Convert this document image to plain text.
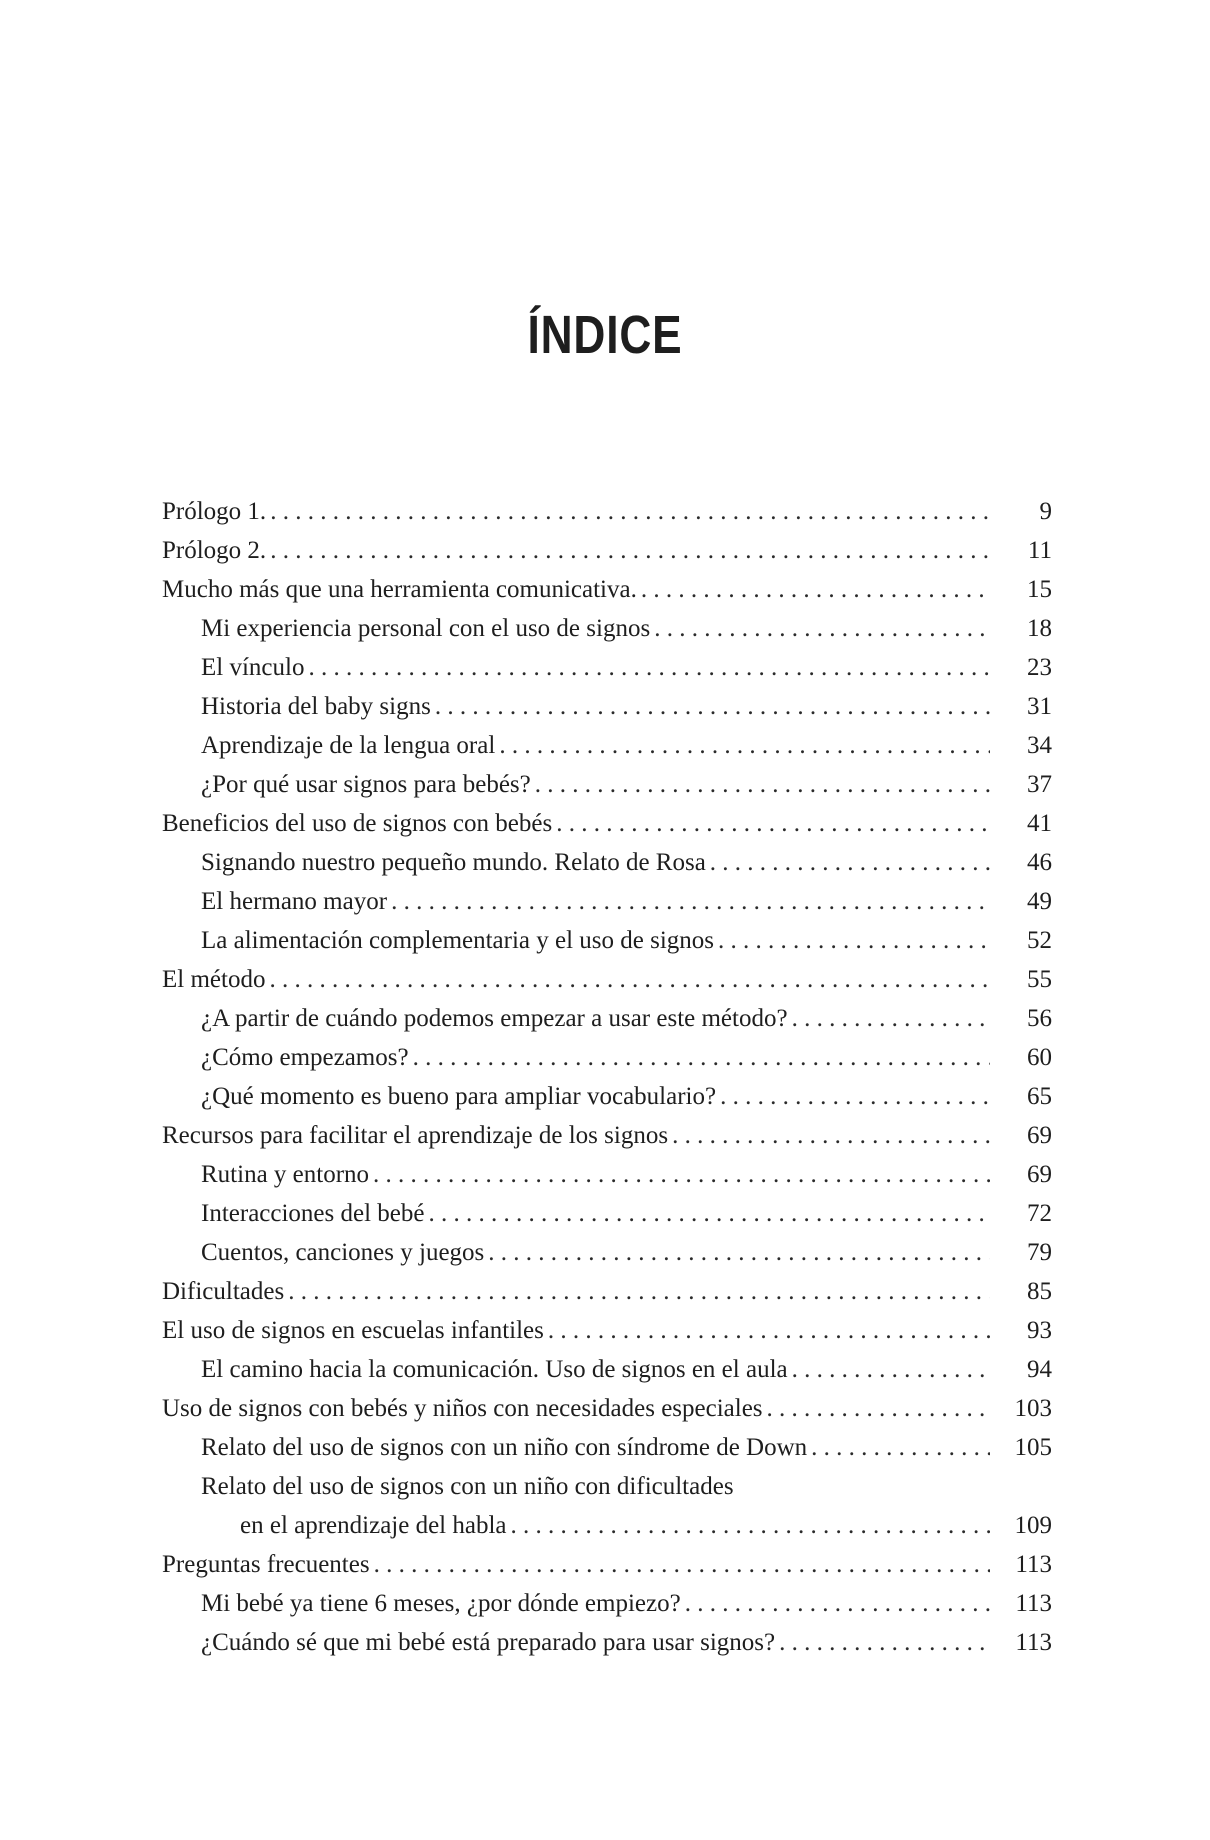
ÍNDICE
Prólogo 1. . . .	9
Prólogo 2. . . .	11
Mucho más que una herramienta comunicativa. . . .	15
Mi experiencia personal con el uso de signos . . .	18
El vínculo . . .	23
Historia del baby signs . . .	31
Aprendizaje de la lengua oral . . .	34
¿Por qué usar signos para bebés? . . .	37
Beneficios del uso de signos con bebés . . .	41
Signando nuestro pequeño mundo. Relato de Rosa . . .	46
El hermano mayor . . .	49
La alimentación complementaria y el uso de signos . . .	52
El método . . .	55
¿A partir de cuándo podemos empezar a usar este método? . . .	56
¿Cómo empezamos? . . .	60
¿Qué momento es bueno para ampliar vocabulario? . . .	65
Recursos para facilitar el aprendizaje de los signos . . .	69
Rutina y entorno . . .	69
Interacciones del bebé . . .	72
Cuentos, canciones y juegos . . .	79
Dificultades . . .	85
El uso de signos en escuelas infantiles . . .	93
El camino hacia la comunicación. Uso de signos en el aula . . .	94
Uso de signos con bebés y niños con necesidades especiales . . .	103
Relato del uso de signos con un niño con síndrome de Down . . .	105
Relato del uso de signos con un niño con dificultades
en el aprendizaje del habla . . .	109
Preguntas frecuentes . . .	113
Mi bebé ya tiene 6 meses, ¿por dónde empiezo? . . .	113
¿Cuándo sé que mi bebé está preparado para usar signos? . . .	113
